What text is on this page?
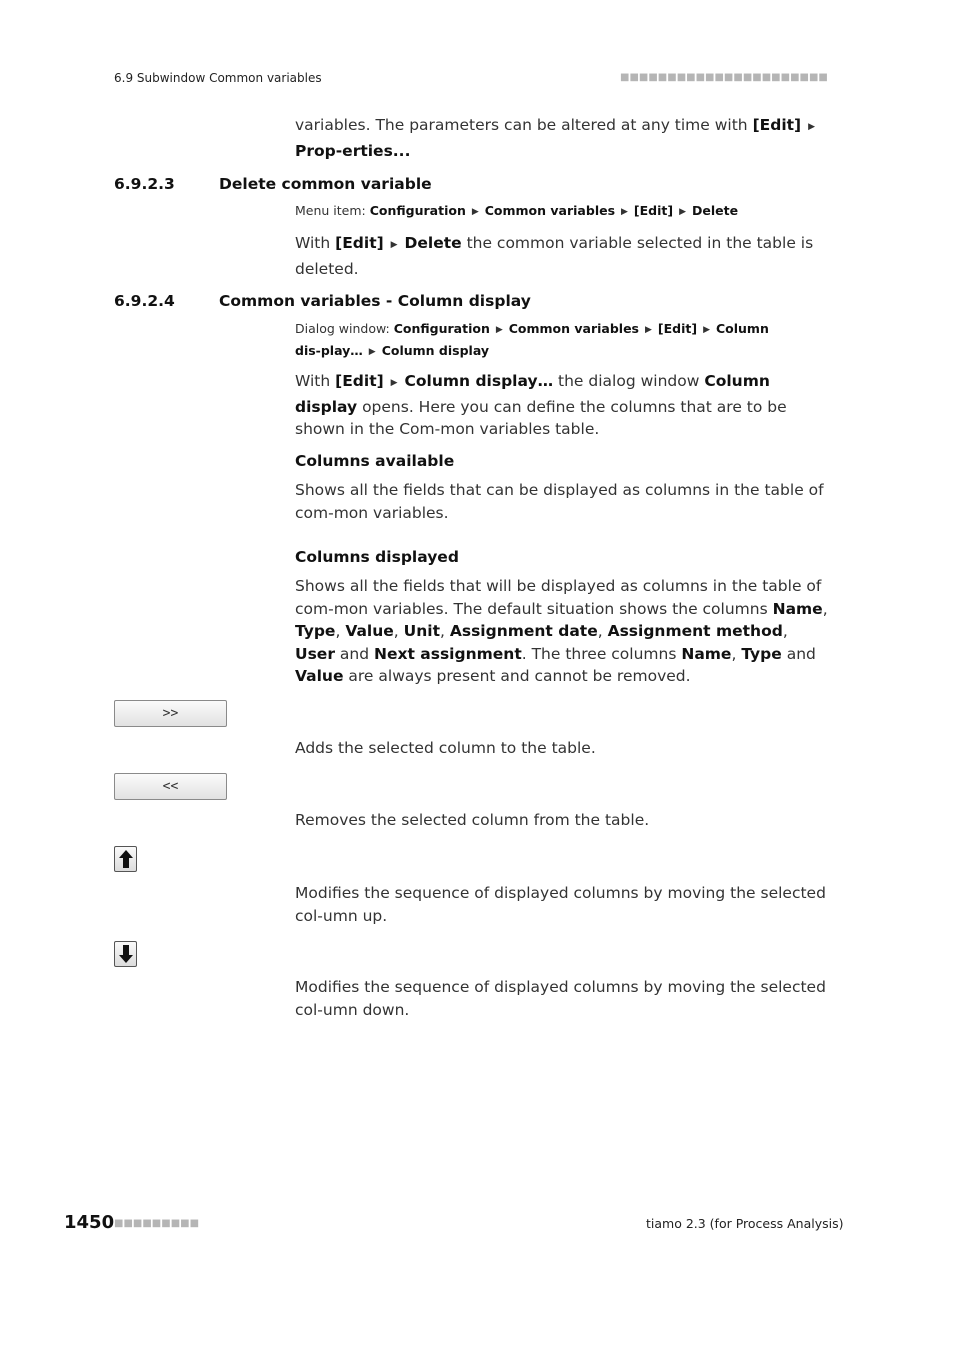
6.9 Subwindow Common variables	■■■■■■■■■■■■■■■■■■■■■■
variables. The parameters can be altered at any time with [Edit] ▶ Prop-erties...
6.9.2.3	Delete common variable
Menu item: Configuration ▶ Common variables ▶ [Edit] ▶ Delete
With [Edit] ▶ Delete the common variable selected in the table is deleted.
6.9.2.4	Common variables - Column display
Dialog window: Configuration ▶ Common variables ▶ [Edit] ▶ Column dis-play… ▶ Column display
With [Edit] ▶ Column display… the dialog window Column display opens. Here you can define the columns that are to be shown in the Com-mon variables table.
Columns available
Shows all the fields that can be displayed as columns in the table of com-mon variables.
Columns displayed
Shows all the fields that will be displayed as columns in the table of com-mon variables. The default situation shows the columns Name, Type, Value, Unit, Assignment date, Assignment method, User and Next assignment. The three columns Name, Type and Value are always present and cannot be removed.
>>
Adds the selected column to the table.
<<
Removes the selected column from the table.
Modifies the sequence of displayed columns by moving the selected col-umn up.
Modifies the sequence of displayed columns by moving the selected col-umn down.
1450 ■■■■■■■■■	tiamo 2.3 (for Process Analysis)
